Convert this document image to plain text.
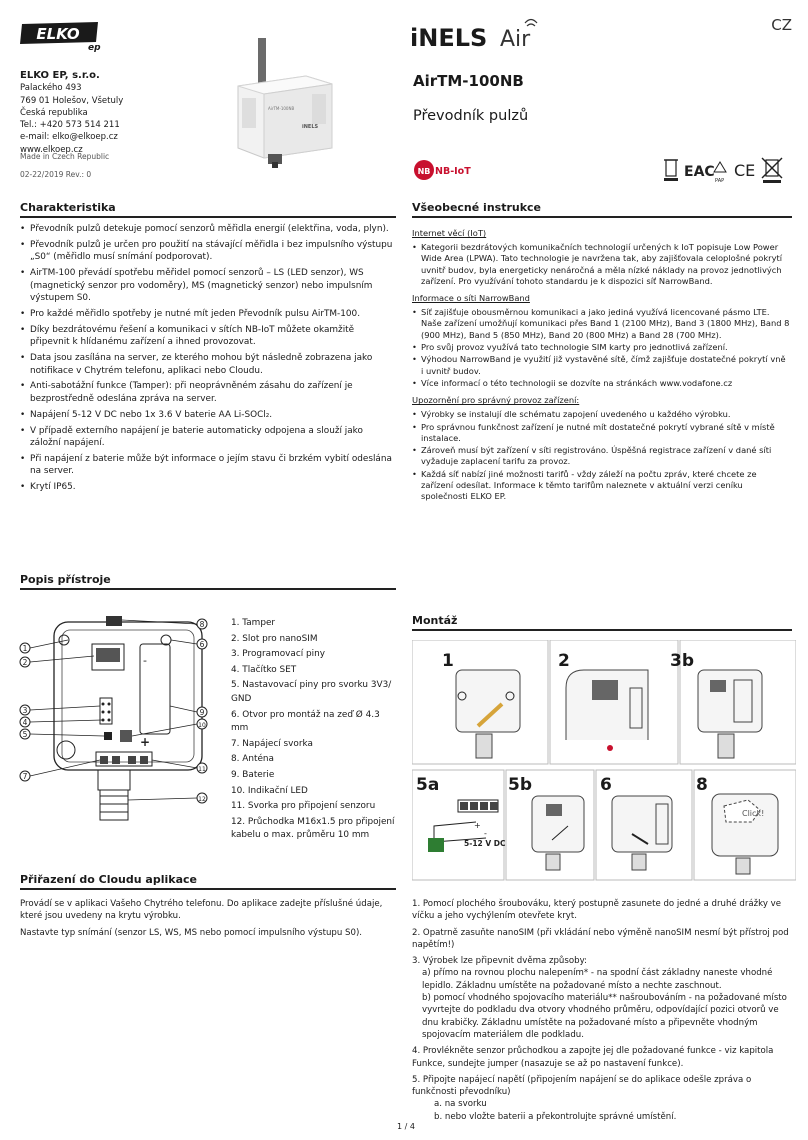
ELKO
ep
ELKO EP, s.r.o.
Palackého 493
769 01 Holešov, Všetuly
Česká republika
Tel.: +420 573 514 211
e-mail: elko@elkoep.cz
www.elkoep.cz
Made in Czech Republic
02-22/2019 Rev.: 0
AirTM-100NB
iNELS
iNELS Air
CZ
AirTM-100NB
Převodník pulzů
NB NB-IoT	EAC
PAP
CE
Charakteristika
• Převodník pulzů detekuje pomocí senzorů měřidla energií (elektřina, voda, plyn).
• Převodník pulzů je určen pro použití na stávající měřidla i bez impulsního výstupu „S0“ (měřidlo musí snímání podporovat).
• AirTM-100 převádí spotřebu měřidel pomocí senzorů – LS (LED senzor), WS (magnetický senzor pro vodoměry), MS (magnetický senzor) nebo impulsním výstupem S0.
• Pro každé měřidlo spotřeby je nutné mít jeden Převodník pulsu AirTM-100.
• Díky bezdrátovému řešení a komunikaci v sítích NB-IoT můžete okamžitě připevnit k hlídanému zařízení a ihned provozovat.
• Data jsou zasílána na server, ze kterého mohou být následně zobrazena jako notifikace v Chytrém telefonu, aplikaci nebo Cloudu.
• Anti-sabotážní funkce (Tamper): při neoprávněném zásahu do zařízení je bezprostředně odeslána zpráva na server.
• Napájení 5-12 V DC nebo 1x 3.6 V baterie AA Li-SOCl₂.
• V případě externího napájení je baterie automaticky odpojena a slouží jako záložní napájení.
• Při napájení z baterie může být informace o jejím stavu či brzkém vybití odeslána na server.
• Krytí IP65.
Všeobecné instrukce
Internet věcí (IoT)
• Kategorii bezdrátových komunikačních technologií určených k IoT popisuje Low Power Wide Area (LPWA). Tato technologie je navržena tak, aby zajišťovala celoplošné pokrytí uvnitř budov, byla energeticky nenáročná a měla nízké náklady na provoz jednotlivých zařízení. Pro využívání tohoto standardu je k dispozici síť NarrowBand.
Informace o síti NarrowBand
• Síť zajišťuje obousměrnou komunikaci a jako jediná využívá licencované pásmo LTE. Naše zařízení umožňují komunikaci přes Band 1 (2100 MHz), Band 3 (1800 MHz), Band 8 (900 MHz), Band 5 (850 MHz), Band 20 (800 MHz) a Band 28 (700 MHz).
• Pro svůj provoz využívá tato technologie SIM karty pro jednotlivá zařízení.
• Výhodou NarrowBand je využití již vystavěné sítě, čímž zajišťuje dostatečné pokrytí vně i uvnitř budov.
• Více informací o této technologii se dozvíte na stránkách www.vodafone.cz
Upozornění pro správný provoz zařízení:
• Výrobky se instalují dle schématu zapojení uvedeného u každého výrobku.
• Pro správnou funkčnost zařízení je nutné mít dostatečné pokrytí vybrané sítě v místě instalace.
• Zároveň musí být zařízení v síti registrováno. Úspěšná registrace zařízení v dané síti vyžaduje zaplacení tarifu za provoz.
• Každá síť nabízí jiné možnosti tarifů - vždy záleží na počtu zpráv, které chcete ze zařízení odesílat. Informace k těmto tarifům naleznete v aktuální verzi ceníku společnosti ELKO EP.
Popis přístroje
-
+
1
2
3
4
5
6
7
8
9
10
11
12
1. Tamper
2. Slot pro nanoSIM
3. Programovací piny
4. Tlačítko SET
5. Nastavovací piny pro svorku 3V3/ GND
6. Otvor pro montáž na zeď Ø 4.3 mm
7. Napájecí svorka
8. Anténa
9. Baterie
10. Indikační LED
11. Svorka pro připojení senzoru
12. Průchodka M16x1.5 pro připojení kabelu o max. průměru 10 mm
Montáž
1	2	3b
5a	5b	6	8
+
-
5-12 V DC
Click!

1. Pomocí plochého šroubováku, který postupně zasunete do jedné a druhé drážky ve víčku a jeho vychýlením otevřete kryt.

2. Opatrně zasuňte nanoSIM (při vkládání nebo výměně nanoSIM nesmí být přístroj pod napětím!)

3. Výrobek lze připevnit dvěma způsoby:

a) přímo na rovnou plochu nalepením* - na spodní část základny naneste vhodné lepidlo. Základnu umístěte na požadované místo a nechte zaschnout.

b) pomocí vhodného spojovacího materiálu** našroubováním - na požadované místo vyvrtejte do podkladu dva otvory vhodného průměru, odpovídající pozici otvorů ve dnu krabičky. Základnu umístěte na požadované místo a připevněte vhodným spojovacím materiálem dle podkladu.

4. Provlékněte senzor průchodkou a zapojte jej dle požadované funkce - viz kapitola Funkce, sundejte jumper (nasazuje se až po nastavení funkce).

5. Připojte napájecí napětí (připojením napájení se do aplikace odešle zpráva o funkčnosti převodníku)

a. na svorku

b. nebo vložte baterii a překontrolujte správné umístění.

Přiřazení do Cloudu aplikace

Provádí se v aplikaci Vašeho Chytrého telefonu. Do aplikace zadejte příslušné údaje, které jsou uvedeny na krytu výrobku.

Nastavte typ snímání (senzor LS, WS, MS nebo pomocí impulsního výstupu S0).

1 / 4
